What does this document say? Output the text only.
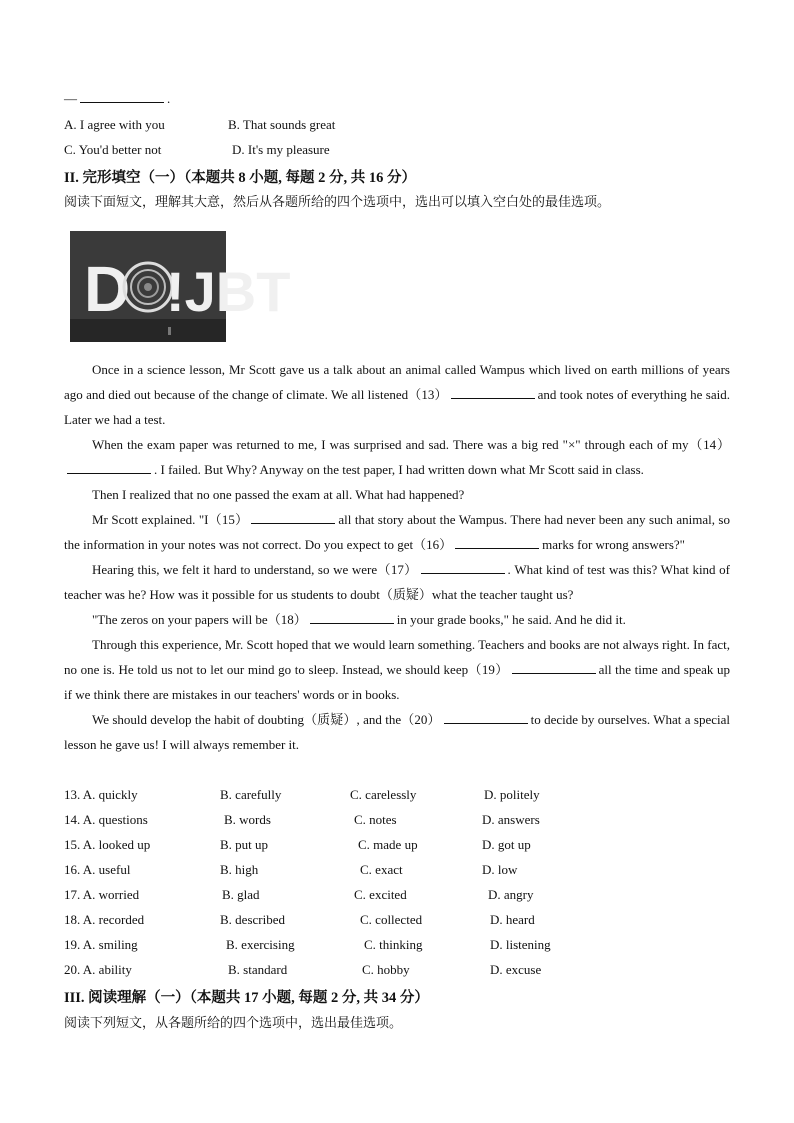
—	.
A. I agree with you	B. That sounds great
C. You'd better not	D. It's my pleasure
II. 完形填空（一）（本题共 8 小题, 每题 2 分, 共 16 分）
阅读下面短文，理解其大意，然后从各题所给的四个选项中，选出可以填入空白处的最佳选项。
D !JBT

Once in a science lesson, Mr Scott gave us a talk about an animal called Wampus which lived on earth millions of years ago and died out because of the change of climate. We all listened（13）	and took notes of everything he said. Later we had a test.

When the exam paper was returned to me, I was surprised and sad. There was a big red "×" through each of my（14）. I failed. But Why? Anyway on the test paper, I had written down what Mr Scott said in class.

Then I realized that no one passed the exam at all. What had happened?

Mr Scott explained. "I（15）	all that story about the Wampus. There had never been any such animal, so the information in your notes was not correct. Do you expect to get（16）	marks for wrong answers?"

Hearing this, we felt it hard to understand, so we were（17）	. What kind of test was this? What kind of teacher was he? How was it possible for us students to doubt（质疑）what the teacher taught us?

"The zeros on your papers will be（18）	in your grade books," he said. And he did it.

Through this experience, Mr. Scott hoped that we would learn something. Teachers and books are not always right. In fact, no one is. He told us not to let our mind go to sleep. Instead, we should keep（19）	all the time and speak up if we think there are mistakes in our teachers' words or in books.

We should develop the habit of doubting（质疑）, and the（20）	to decide by ourselves. What a special lesson he gave us! I will always remember it.

13. A. quickly	B. carefully	C. carelessly	D. politely
14. A. questions	B. words	C. notes	D. answers
15. A. looked up	B. put up	C. made up	D. got up
16. A. useful	B. high	C. exact	D. low
17. A. worried	B. glad	C. excited	D. angry
18. A. recorded	B. described	C. collected	D. heard
19. A. smiling	B. exercising	C. thinking	D. listening
20. A. ability	B. standard	C. hobby	D. excuse
III. 阅读理解（一）（本题共 17 小题, 每题 2 分, 共 34 分）
阅读下列短文，从各题所给的四个选项中，选出最佳选项。
